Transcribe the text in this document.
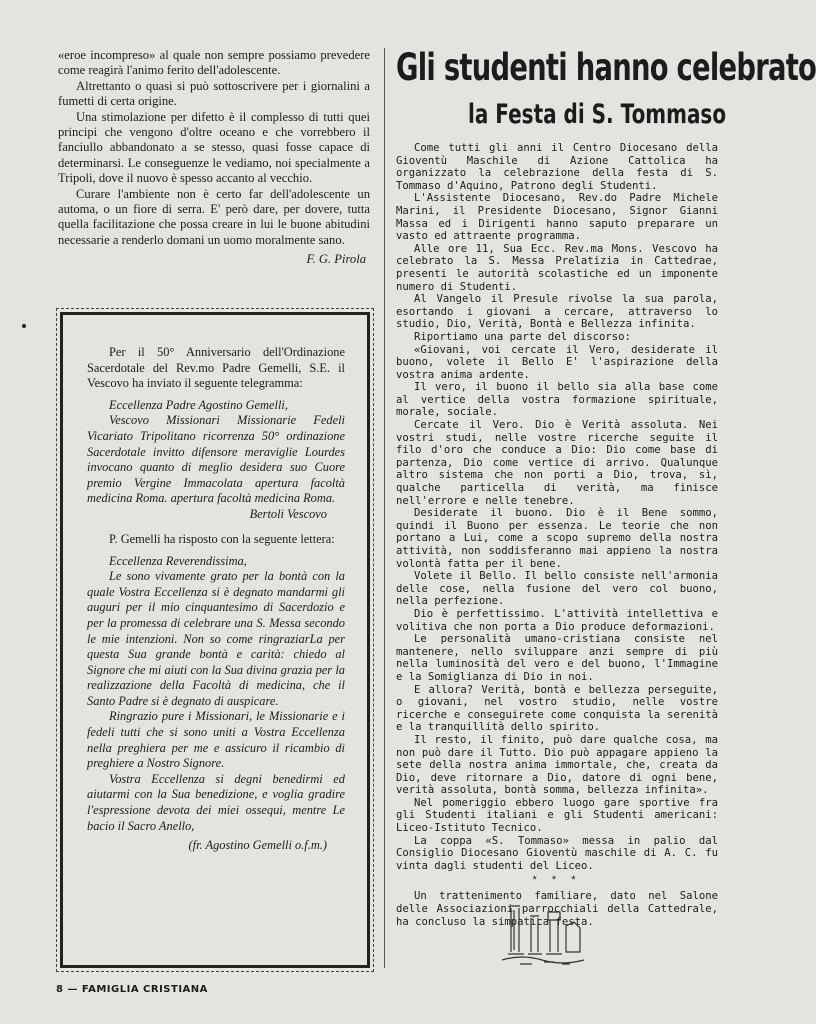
«eroe incompreso» al quale non sempre possiamo prevedere come reagirà l'animo ferito dell'adolescente.

Altrettanto o quasi si può sottoscrivere per i giornalini a fumetti di certa origine.

Una stimolazione per difetto è il complesso di tutti quei principi che vengono d'oltre oceano e che vorrebbero il fanciullo abbandonato a se stesso, quasi fosse capace di determinarsi. Le conseguenze le vediamo, noi specialmente a Tripoli, dove il nuovo è spesso accanto al vecchio.

Curare l'ambiente non è certo far dell'adolescente un automa, o un fiore di serra. E' però dare, per dovere, tutta quella facilitazione che possa creare in lui le buone abitudini necessarie a renderlo domani un uomo moralmente sano.

F. G. Pirola

Per il 50° Anniversario dell'Ordinazione Sacerdotale del Rev.mo Padre Gemelli, S.E. il Vescovo ha inviato il seguente telegramma:

Eccellenza Padre Agostino Gemelli,

Vescovo Missionari Missionarie Fedeli Vicariato Tripolitano ricorrenza 50° ordinazione Sacerdotale invitto difensore meraviglie Lourdes invocano quanto di meglio desidera suo Cuore premio Vergine Immacolata apertura facoltà medicina Roma. apertura facoltà medicina Roma.

Bertoli Vescovo

P. Gemelli ha risposto con la seguente lettera:

Eccellenza Reverendissima,

Le sono vivamente grato per la bontà con la quale Vostra Eccellenza si è degnato mandarmi gli auguri per il mio cinquantesimo di Sacerdozio e per la promessa di celebrare una S. Messa secondo le mie intenzioni. Non so come ringraziarLa per questa Sua grande bontà e carità: chiedo al Signore che mi aiuti con la Sua divina grazia per la realizzazione della Facoltà di medicina, che il Santo Padre si è degnato di auspicare.

Ringrazio pure i Missionari, le Missionarie e i fedeli tutti che si sono uniti a Vostra Eccellenza nella preghiera per me e assicuro il ricambio di preghiere a Nostro Signore.

Vostra Eccellenza si degni benedirmi ed aiutarmi con la Sua benedizione, e voglia gradire l'espressione devota dei miei ossequi, mentre Le bacio il Sacro Anello,

(fr. Agostino Gemelli o.f.m.)

Gli studenti hanno celebrato
la Festa di S. Tommaso

Come tutti gli anni il Centro Diocesano della Gioventù Maschile di Azione Cattolica ha organizzato la celebrazione della festa di S. Tommaso d'Aquino, Patrono degli Studenti.

L'Assistente Diocesano, Rev.do Padre Michele Marini, il Presidente Diocesano, Signor Gianni Massa ed i Dirigenti hanno saputo preparare un vasto ed attraente programma.

Alle ore 11, Sua Ecc. Rev.ma Mons. Vescovo ha celebrato la S. Messa Prelatizia in Cattedrae, presenti le autorità scolastiche ed un imponente numero di Studenti.

Al Vangelo il Presule rivolse la sua parola, esortando i giovani a cercare, attraverso lo studio, Dio, Verità, Bontà e Bellezza infinita.

Riportiamo una parte del discorso:

«Giovani, voi cercate il Vero, desiderate il buono, volete il Bello E' l'aspirazione della vostra anima ardente.

Il vero, il buono il bello sia alla base come al vertice della vostra formazione spirituale, morale, sociale.

Cercate il Vero. Dio è Verità assoluta. Nei vostri studi, nelle vostre ricerche seguite il filo d'oro che conduce a Dio: Dio come base di partenza, Dio come vertice di arrivo. Qualunque altro sistema che non porti a Dio, trova, sì, qualche particella di verità, ma finisce nell'errore e nelle tenebre.

Desiderate il buono. Dio è il Bene sommo, quindi il Buono per essenza. Le teorie che non portano a Lui, come a scopo supremo della nostra attività, non soddisferanno mai appieno la nostra volontà fatta per il bene.

Volete il Bello. Il bello consiste nell'armonia delle cose, nella fusione del vero col buono, nella perfezione.

Dio è perfettissimo. L'attività intellettiva e volitiva che non porta a Dio produce deformazioni.

Le personalità umano-cristiana consiste nel mantenere, nello sviluppare anzi sempre di più nella luminosità del vero e del buono, l'Immagine e la Somiglianza di Dio in noi.

E allora? Verità, bontà e bellezza perseguite, o giovani, nel vostro studio, nelle vostre ricerche e conseguirete come conquista la serenità e la tranquillità dello spirito.

Il resto, il finito, può dare qualche cosa, ma non può dare il Tutto. Dio può appagare appieno la sete della nostra anima immortale, che, creata da Dio, deve ritornare a Dio, datore di ogni bene, verità assoluta, bontà somma, bellezza infinita».

Nel pomeriggio ebbero luogo gare sportive fra gli Studenti italiani e gli Studenti americani: Liceo-Istituto Tecnico.

La coppa «S. Tommaso» messa in palio dal Consiglio Diocesano Gioventù maschile di A. C. fu vinta dagli studenti del Liceo.

* * *

Un trattenimento familiare, dato nel Salone delle Associazioni parrocchiali della Cattedrale, ha concluso la simpatica festa.

8 — FAMIGLIA CRISTIANA
